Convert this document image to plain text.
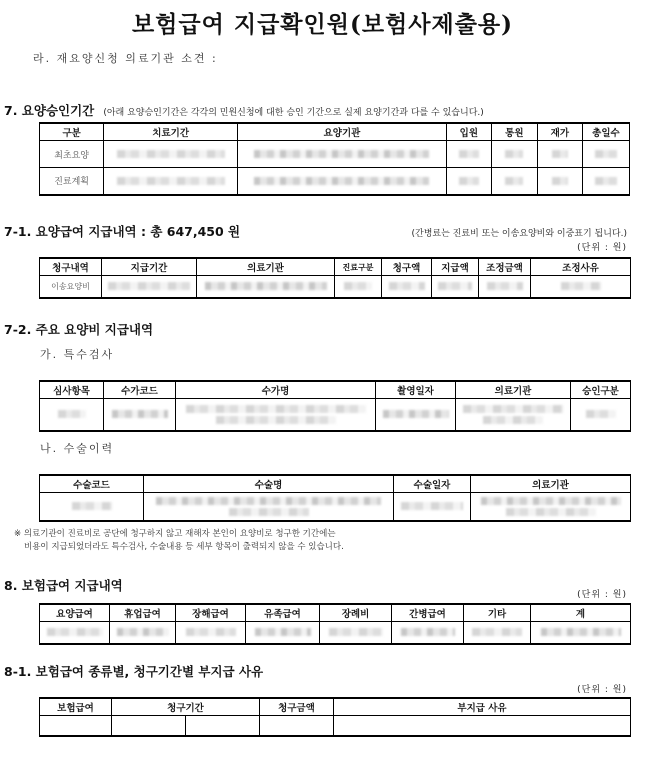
보험급여 지급확인원(보험사제출용)
라. 재요양신청 의료기관 소견 :
7. 요양승인기간 (아래 요양승인기간은 각각의 민원신청에 대한 승인 기간으로 실제 요양기간과 다를 수 있습니다.)
구분	치료기간	요양기관	입원	통원	재가	총일수
최초요양	

진료계획	

7-1. 요양급여 지급내역 : 총 647,450 원	(간병료는 진료비 또는 이송요양비와 이중표기 됩니다.)
(단위 : 원)
청구내역	지급기간	의료기관	진료구분	청구액	지급액	조정금액	조정사유
이송요양비	

7-2. 주요 요양비 지급내역
가. 특수검사
심사항목	수가코드	수가명	촬영일자	의료기관	승인구분

나. 수술이력
수술코드	수술명	수술일자	의료기관

※ 의료기관이 진료비로 공단에 청구하지 않고 재해자 본인이 요양비로 청구한 기간에는
비용이 지급되었더라도 특수검사, 수술내용 등 세부 항목이 출력되지 않을 수 있습니다.
8. 보험급여 지급내역
(단위 : 원)
요양급여	휴업급여	장해급여	유족급여	장례비	간병급여	기타	계

8-1. 보험급여 종류별, 청구기간별 부지급 사유
(단위 : 원)
보험급여	청구기간		청구금액	부지급 사유
